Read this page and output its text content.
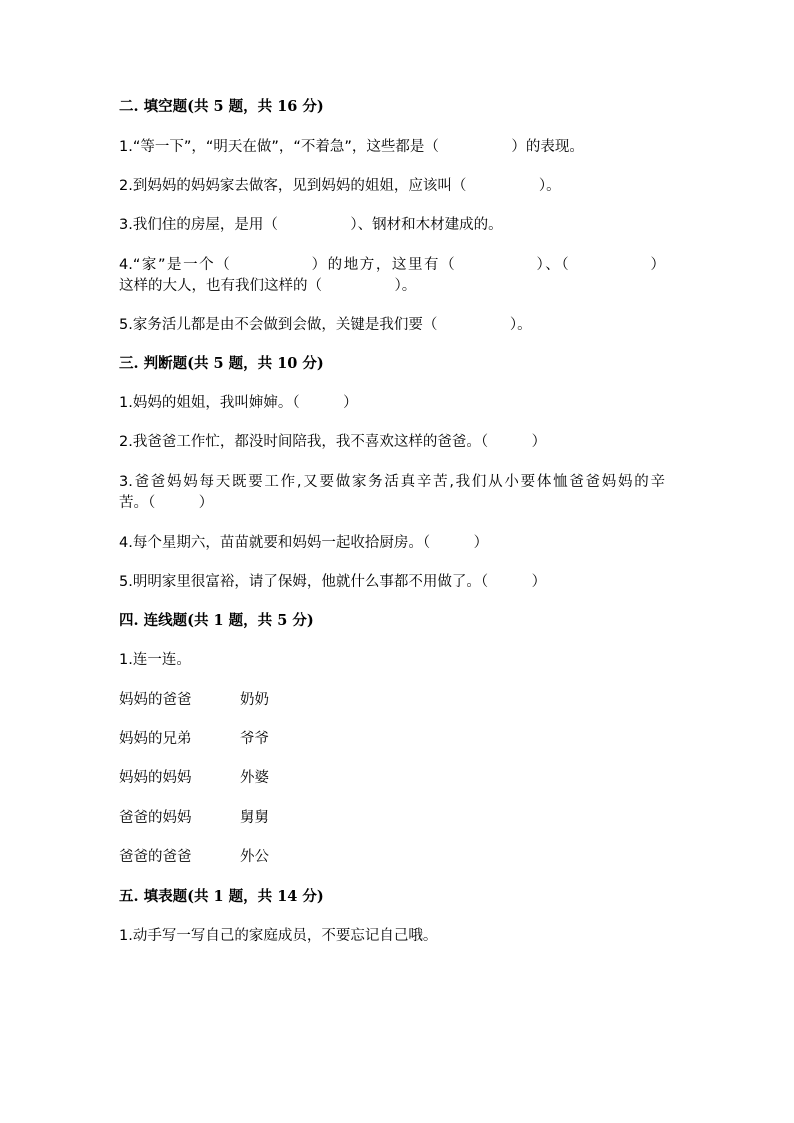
二. 填空题(共 5 题，共 16 分)
1.“等一下”，“明天在做”，“不着急”，这些都是（　　　　　）的表现。
2.到妈妈的妈妈家去做客，见到妈妈的姐姐，应该叫（　　　　　）。
3.我们住的房屋，是用（　　　　　）、钢材和木材建成的。
4.“家”是一个（　　　　　）的地方，这里有（　　　　　）、（　　　　　）
这样的大人，也有我们这样的（　　　　　）。
5.家务活儿都是由不会做到会做，关键是我们要（　　　　　）。
三. 判断题(共 5 题，共 10 分)
1.妈妈的姐姐，我叫婶婶。（　　　）
2.我爸爸工作忙，都没时间陪我，我不喜欢这样的爸爸。（　　　）
3.爸爸妈妈每天既要工作,又要做家务活真辛苦,我们从小要体恤爸爸妈妈的辛
苦。（　　　）
4.每个星期六，苗苗就要和妈妈一起收拾厨房。（　　　）
5.明明家里很富裕，请了保姆，他就什么事都不用做了。（　　　）
四. 连线题(共 1 题，共 5 分)
1.连一连。
妈妈的爸爸	奶奶
妈妈的兄弟	爷爷
妈妈的妈妈	外婆
爸爸的妈妈	舅舅
爸爸的爸爸	外公
五. 填表题(共 1 题，共 14 分)
1.动手写一写自己的家庭成员，不要忘记自己哦。
